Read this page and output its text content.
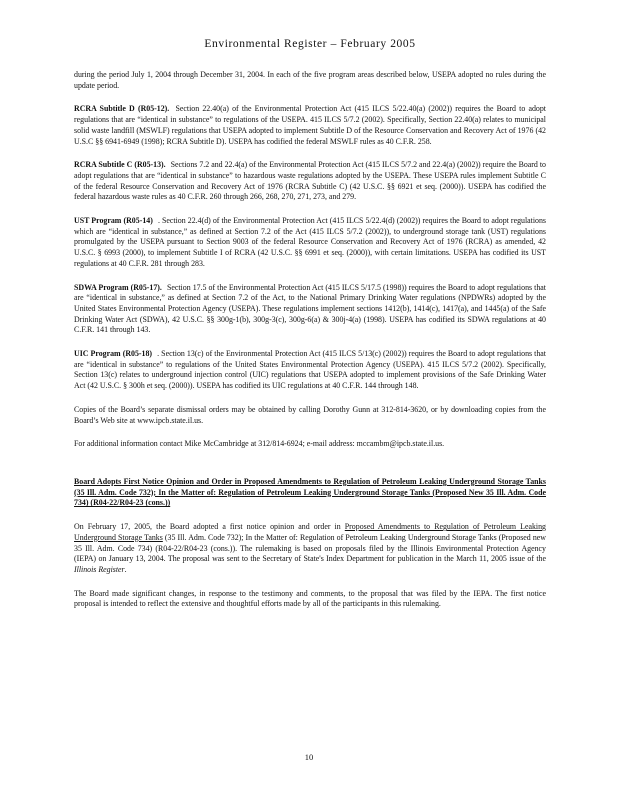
Environmental Register – February 2005

during the period July 1, 2004 through December 31, 2004. In each of the five program areas described below, USEPA adopted no rules during the update period.

RCRA Subtitle D (R05-12). Section 22.40(a) of the Environmental Protection Act (415 ILCS 5/22.40(a) (2002)) requires the Board to adopt regulations that are “identical in substance” to regulations of the USEPA. 415 ILCS 5/7.2 (2002). Specifically, Section 22.40(a) relates to municipal solid waste landfill (MSWLF) regulations that USEPA adopted to implement Subtitle D of the Resource Conservation and Recovery Act of 1976 (42 U.S.C §§ 6941-6949 (1998); RCRA Subtitle D). USEPA has codified the federal MSWLF rules as 40 C.F.R. 258.

RCRA Subtitle C (R05-13). Sections 7.2 and 22.4(a) of the Environmental Protection Act (415 ILCS 5/7.2 and 22.4(a) (2002)) require the Board to adopt regulations that are “identical in substance” to hazardous waste regulations adopted by the USEPA. These USEPA rules implement Subtitle C of the federal Resource Conservation and Recovery Act of 1976 (RCRA Subtitle C) (42 U.S.C. §§ 6921 et seq. (2000)). USEPA has codified the federal hazardous waste rules as 40 C.F.R. 260 through 266, 268, 270, 271, 273, and 279.

UST Program (R05-14) . Section 22.4(d) of the Environmental Protection Act (415 ILCS 5/22.4(d) (2002)) requires the Board to adopt regulations which are “identical in substance,” as defined at Section 7.2 of the Act (415 ILCS 5/7.2 (2002)), to underground storage tank (UST) regulations promulgated by the USEPA pursuant to Section 9003 of the federal Resource Conservation and Recovery Act of 1976 (RCRA) as amended, 42 U.S.C. § 6993 (2000), to implement Subtitle I of RCRA (42 U.S.C. §§ 6991 et seq. (2000)), with certain limitations. USEPA has codified its UST regulations at 40 C.F.R. 281 through 283.

SDWA Program (R05-17). Section 17.5 of the Environmental Protection Act (415 ILCS 5/17.5 (1998)) requires the Board to adopt regulations that are “identical in substance,” as defined at Section 7.2 of the Act, to the National Primary Drinking Water regulations (NPDWRs) adopted by the United States Environmental Protection Agency (USEPA). These regulations implement sections 1412(b), 1414(c), 1417(a), and 1445(a) of the Safe Drinking Water Act (SDWA), 42 U.S.C. §§ 300g-1(b), 300g-3(c), 300g-6(a) & 300j-4(a) (1998). USEPA has codified its SDWA regulations at 40 C.F.R. 141 through 143.

UIC Program (R05-18) . Section 13(c) of the Environmental Protection Act (415 ILCS 5/13(c) (2002)) requires the Board to adopt regulations that are “identical in substance” to regulations of the United States Environmental Protection Agency (USEPA). 415 ILCS 5/7.2 (2002). Specifically, Section 13(c) relates to underground injection control (UIC) regulations that USEPA adopted to implement provisions of the Safe Drinking Water Act (42 U.S.C. § 300h et seq. (2000)). USEPA has codified its UIC regulations at 40 C.F.R. 144 through 148.

Copies of the Board’s separate dismissal orders may be obtained by calling Dorothy Gunn at 312-814-3620, or by downloading copies from the Board’s Web site at www.ipcb.state.il.us.

For additional information contact Mike McCambridge at 312/814-6924; e-mail address: mccambm@ipcb.state.il.us.

Board Adopts First Notice Opinion and Order in Proposed Amendments to Regulation of Petroleum Leaking Underground Storage Tanks (35 Ill. Adm. Code 732); In the Matter of: Regulation of Petroleum Leaking Underground Storage Tanks (Proposed New 35 Ill. Adm. Code 734) (R04-22/R04-23 (cons.))

On February 17, 2005, the Board adopted a first notice opinion and order in Proposed Amendments to Regulation of Petroleum Leaking Underground Storage Tanks (35 Ill. Adm. Code 732); In the Matter of: Regulation of Petroleum Leaking Underground Storage Tanks (Proposed new 35 Ill. Adm. Code 734) (R04-22/R04-23 (cons.)). The rulemaking is based on proposals filed by the Illinois Environmental Protection Agency (IEPA) on January 13, 2004. The proposal was sent to the Secretary of State's Index Department for publication in the March 11, 2005 issue of the Illinois Register.

The Board made significant changes, in response to the testimony and comments, to the proposal that was filed by the IEPA. The first notice proposal is intended to reflect the extensive and thoughtful efforts made by all of the participants in this rulemaking.

10
